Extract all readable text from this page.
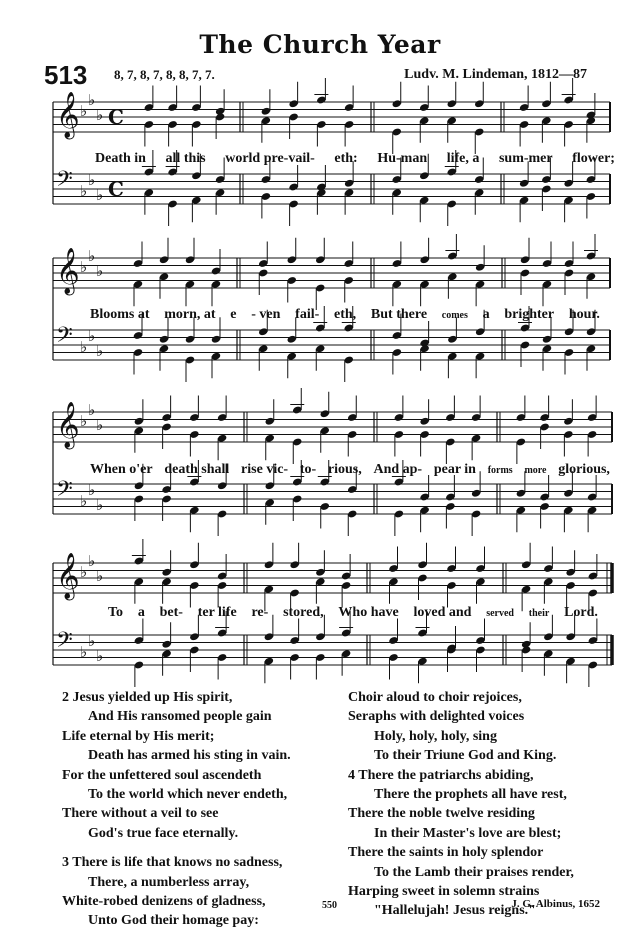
The Church Year
513 8, 7, 8, 7, 8, 8, 7, 7.	Ludv. M. Lindeman, 1812—87
𝄞 ♭
♭
♭ C
𝄢 ♭
♭
♭ C
𝄞 ♭
♭
♭
𝄢 ♭
♭
♭
𝄞 ♭
♭
♭
𝄢 ♭
♭
♭
𝄞 ♭
♭
♭
𝄢 ♭
♭
♭
Death in all this world pre-vail- eth: Hu-man life, a sum-mer flower;
Blooms at morn, at e - ven fail- eth, But there comes a brighter hour.
When o'er death shall rise vic- to- rious, And ap- pear in forms more glorious,
To a bet- ter life re- stored, Who have loved and served their Lord.
2 Jesus yielded up His spirit,
And His ransomed people gain
Life eternal by His merit;
Death has armed his sting in vain.
For the unfettered soul ascendeth
To the world which never endeth,
There without a veil to see
God's true face eternally.
3 There is life that knows no sadness,
There, a numberless array,
White-robed denizens of gladness,
Unto God their homage pay:
Choir aloud to choir rejoices,
Seraphs with delighted voices
Holy, holy, holy, sing
To their Triune God and King.
4 There the patriarchs abiding,
There the prophets all have rest,
There the noble twelve residing
In their Master's love are blest;
There the saints in holy splendor
To the Lamb their praises render,
Harping sweet in solemn strains
"Hallelujah! Jesus reigns."
550	J. G. Albinus, 1652
